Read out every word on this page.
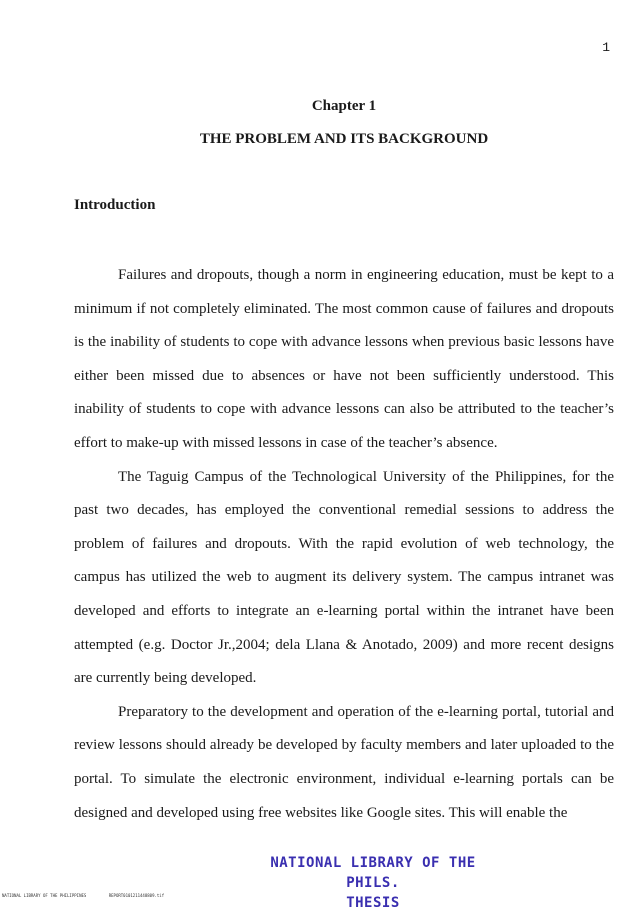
1
Chapter 1
THE PROBLEM AND ITS BACKGROUND
Introduction

Failures and dropouts, though a norm in engineering education, must be kept to a minimum if not completely eliminated. The most common cause of failures and dropouts is the inability of students to cope with advance lessons when previous basic lessons have either been missed due to absences or have not been sufficiently understood. This inability of students to cope with advance lessons can also be attributed to the teacher’s effort to make-up with missed lessons in case of the teacher’s absence.

The Taguig Campus of the Technological University of the Philippines, for the past two decades, has employed the conventional remedial sessions to address the problem of failures and dropouts. With the rapid evolution of web technology, the campus has utilized the web to augment its delivery system. The campus intranet was developed and efforts to integrate an e-learning portal within the intranet have been attempted (e.g. Doctor Jr.,2004; dela Llana & Anotado, 2009) and more recent designs are currently being developed.

Preparatory to the development and operation of the e-learning portal, tutorial and review lessons should already be developed by faculty members and later uploaded to the portal. To simulate the electronic environment, individual e-learning portals can be designed and developed using free websites like Google sites. This will enable the

NATIONAL LIBRARY OF THE PHILS.
THESIS
NATIONAL LIBRARY OF THE PHILIPPINES	REPORT0101211448809.tif
